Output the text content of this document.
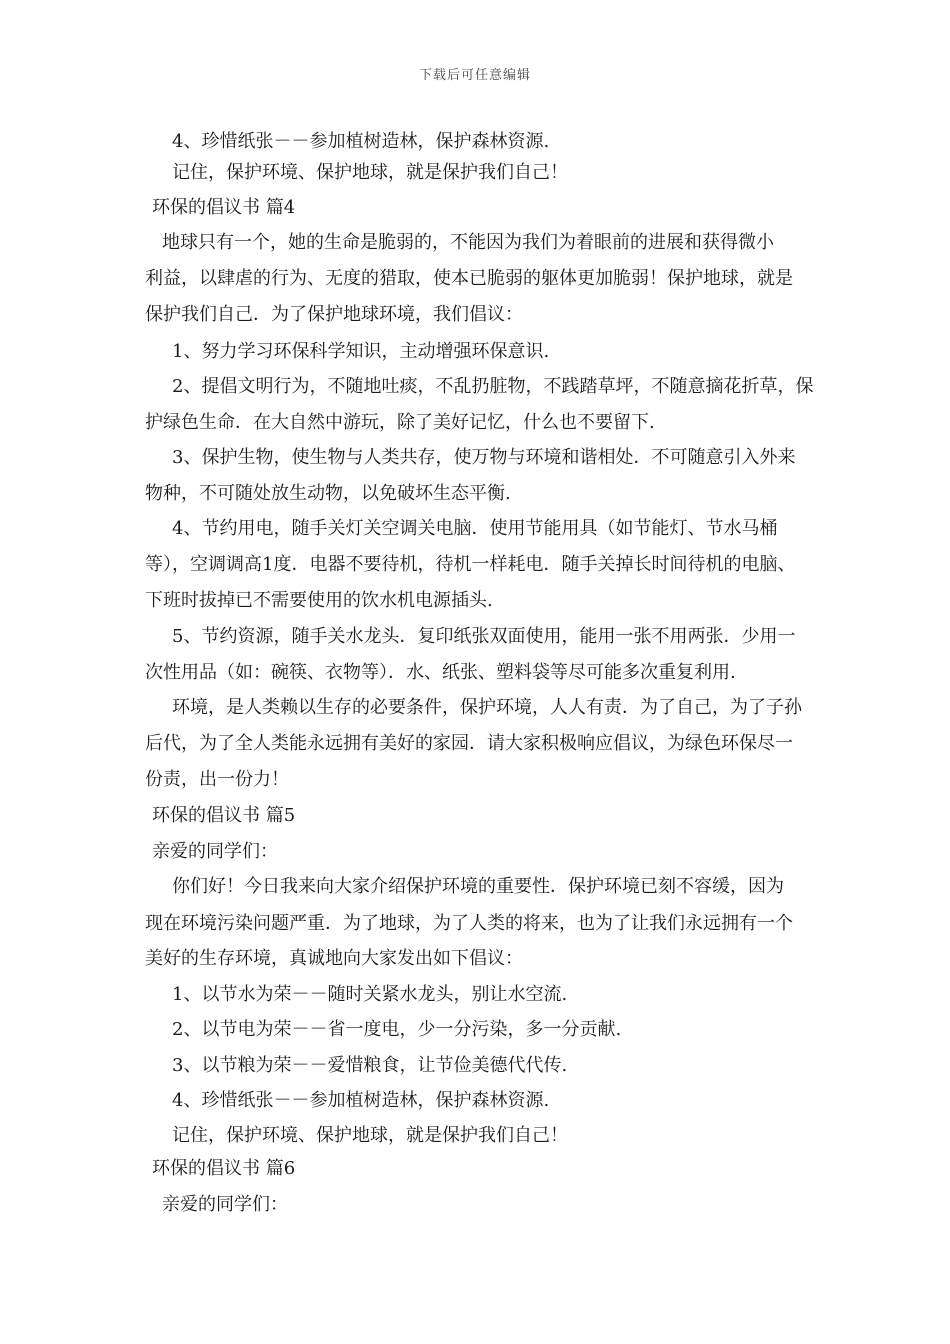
下载后可任意编辑
4、珍惜纸张－－参加植树造林，保护森林资源.
记住，保护环境、保护地球，就是保护我们自己！
环保的倡议书 篇4
地球只有一个，她的生命是脆弱的，不能因为我们为着眼前的进展和获得微小
利益，以肆虐的行为、无度的猎取，使本已脆弱的躯体更加脆弱！保护地球，就是
保护我们自己．为了保护地球环境，我们倡议：
1、努力学习环保科学知识，主动增强环保意识.
2、提倡文明行为，不随地吐痰，不乱扔脏物，不践踏草坪，不随意摘花折草，保
护绿色生命．在大自然中游玩，除了美好记忆，什么也不要留下.
3、保护生物，使生物与人类共存，使万物与环境和谐相处．不可随意引入外来
物种，不可随处放生动物，以免破坏生态平衡.
4、节约用电，随手关灯关空调关电脑．使用节能用具（如节能灯、节水马桶
等），空调调高1度．电器不要待机，待机一样耗电．随手关掉长时间待机的电脑、
下班时拔掉已不需要使用的饮水机电源插头.
5、节约资源，随手关水龙头．复印纸张双面使用，能用一张不用两张．少用一
次性用品（如：碗筷、衣物等）．水、纸张、塑料袋等尽可能多次重复利用.
环境，是人类赖以生存的必要条件，保护环境，人人有责．为了自己，为了子孙
后代，为了全人类能永远拥有美好的家园．请大家积极响应倡议，为绿色环保尽一
份责，出一份力！
环保的倡议书 篇5
亲爱的同学们：
你们好！今日我来向大家介绍保护环境的重要性．保护环境已刻不容缓，因为
现在环境污染问题严重．为了地球，为了人类的将来，也为了让我们永远拥有一个
美好的生存环境，真诚地向大家发出如下倡议：
1、以节水为荣－－随时关紧水龙头，别让水空流.
2、以节电为荣－－省一度电，少一分污染，多一分贡献.
3、以节粮为荣－－爱惜粮食，让节俭美德代代传.
4、珍惜纸张－－参加植树造林，保护森林资源.
记住，保护环境、保护地球，就是保护我们自己！
环保的倡议书 篇6
亲爱的同学们：
